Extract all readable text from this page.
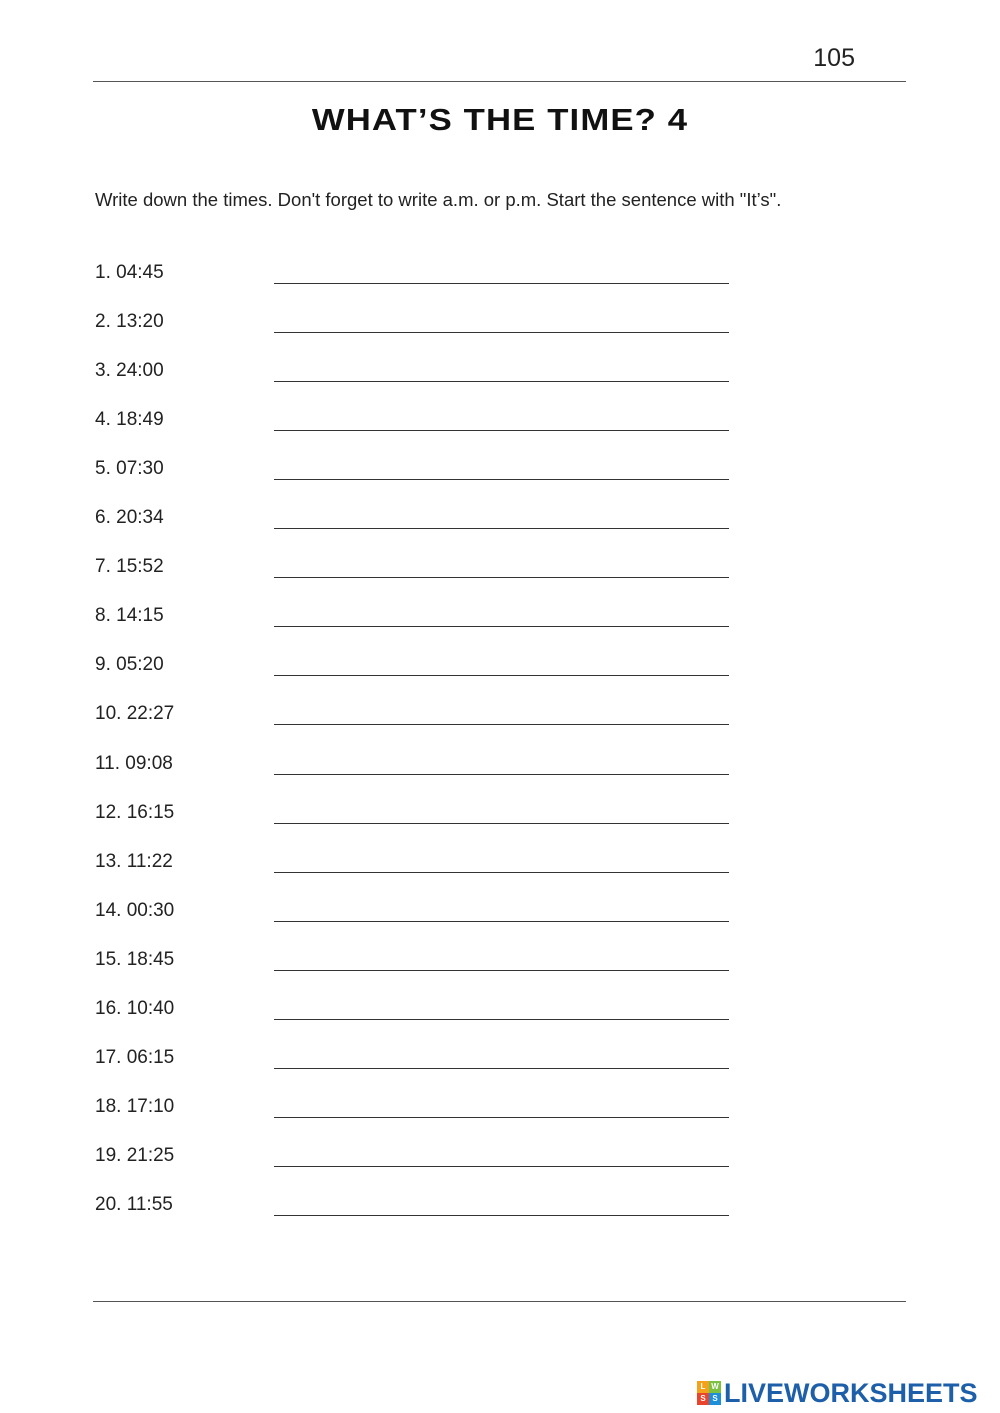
105
WHAT’S THE TIME? 4
Write down the times. Don't forget to write a.m. or p.m. Start the sentence with "It’s".
1. 04:45
2. 13:20
3. 24:00
4. 18:49
5. 07:30
6. 20:34
7. 15:52
8. 14:15
9. 05:20
10. 22:27
11. 09:08
12. 16:15
13. 11:22
14. 00:30
15. 18:45
16. 10:40
17. 06:15
18. 17:10
19. 21:25
20. 11:55
L W
S S LIVEWORKSHEETS
